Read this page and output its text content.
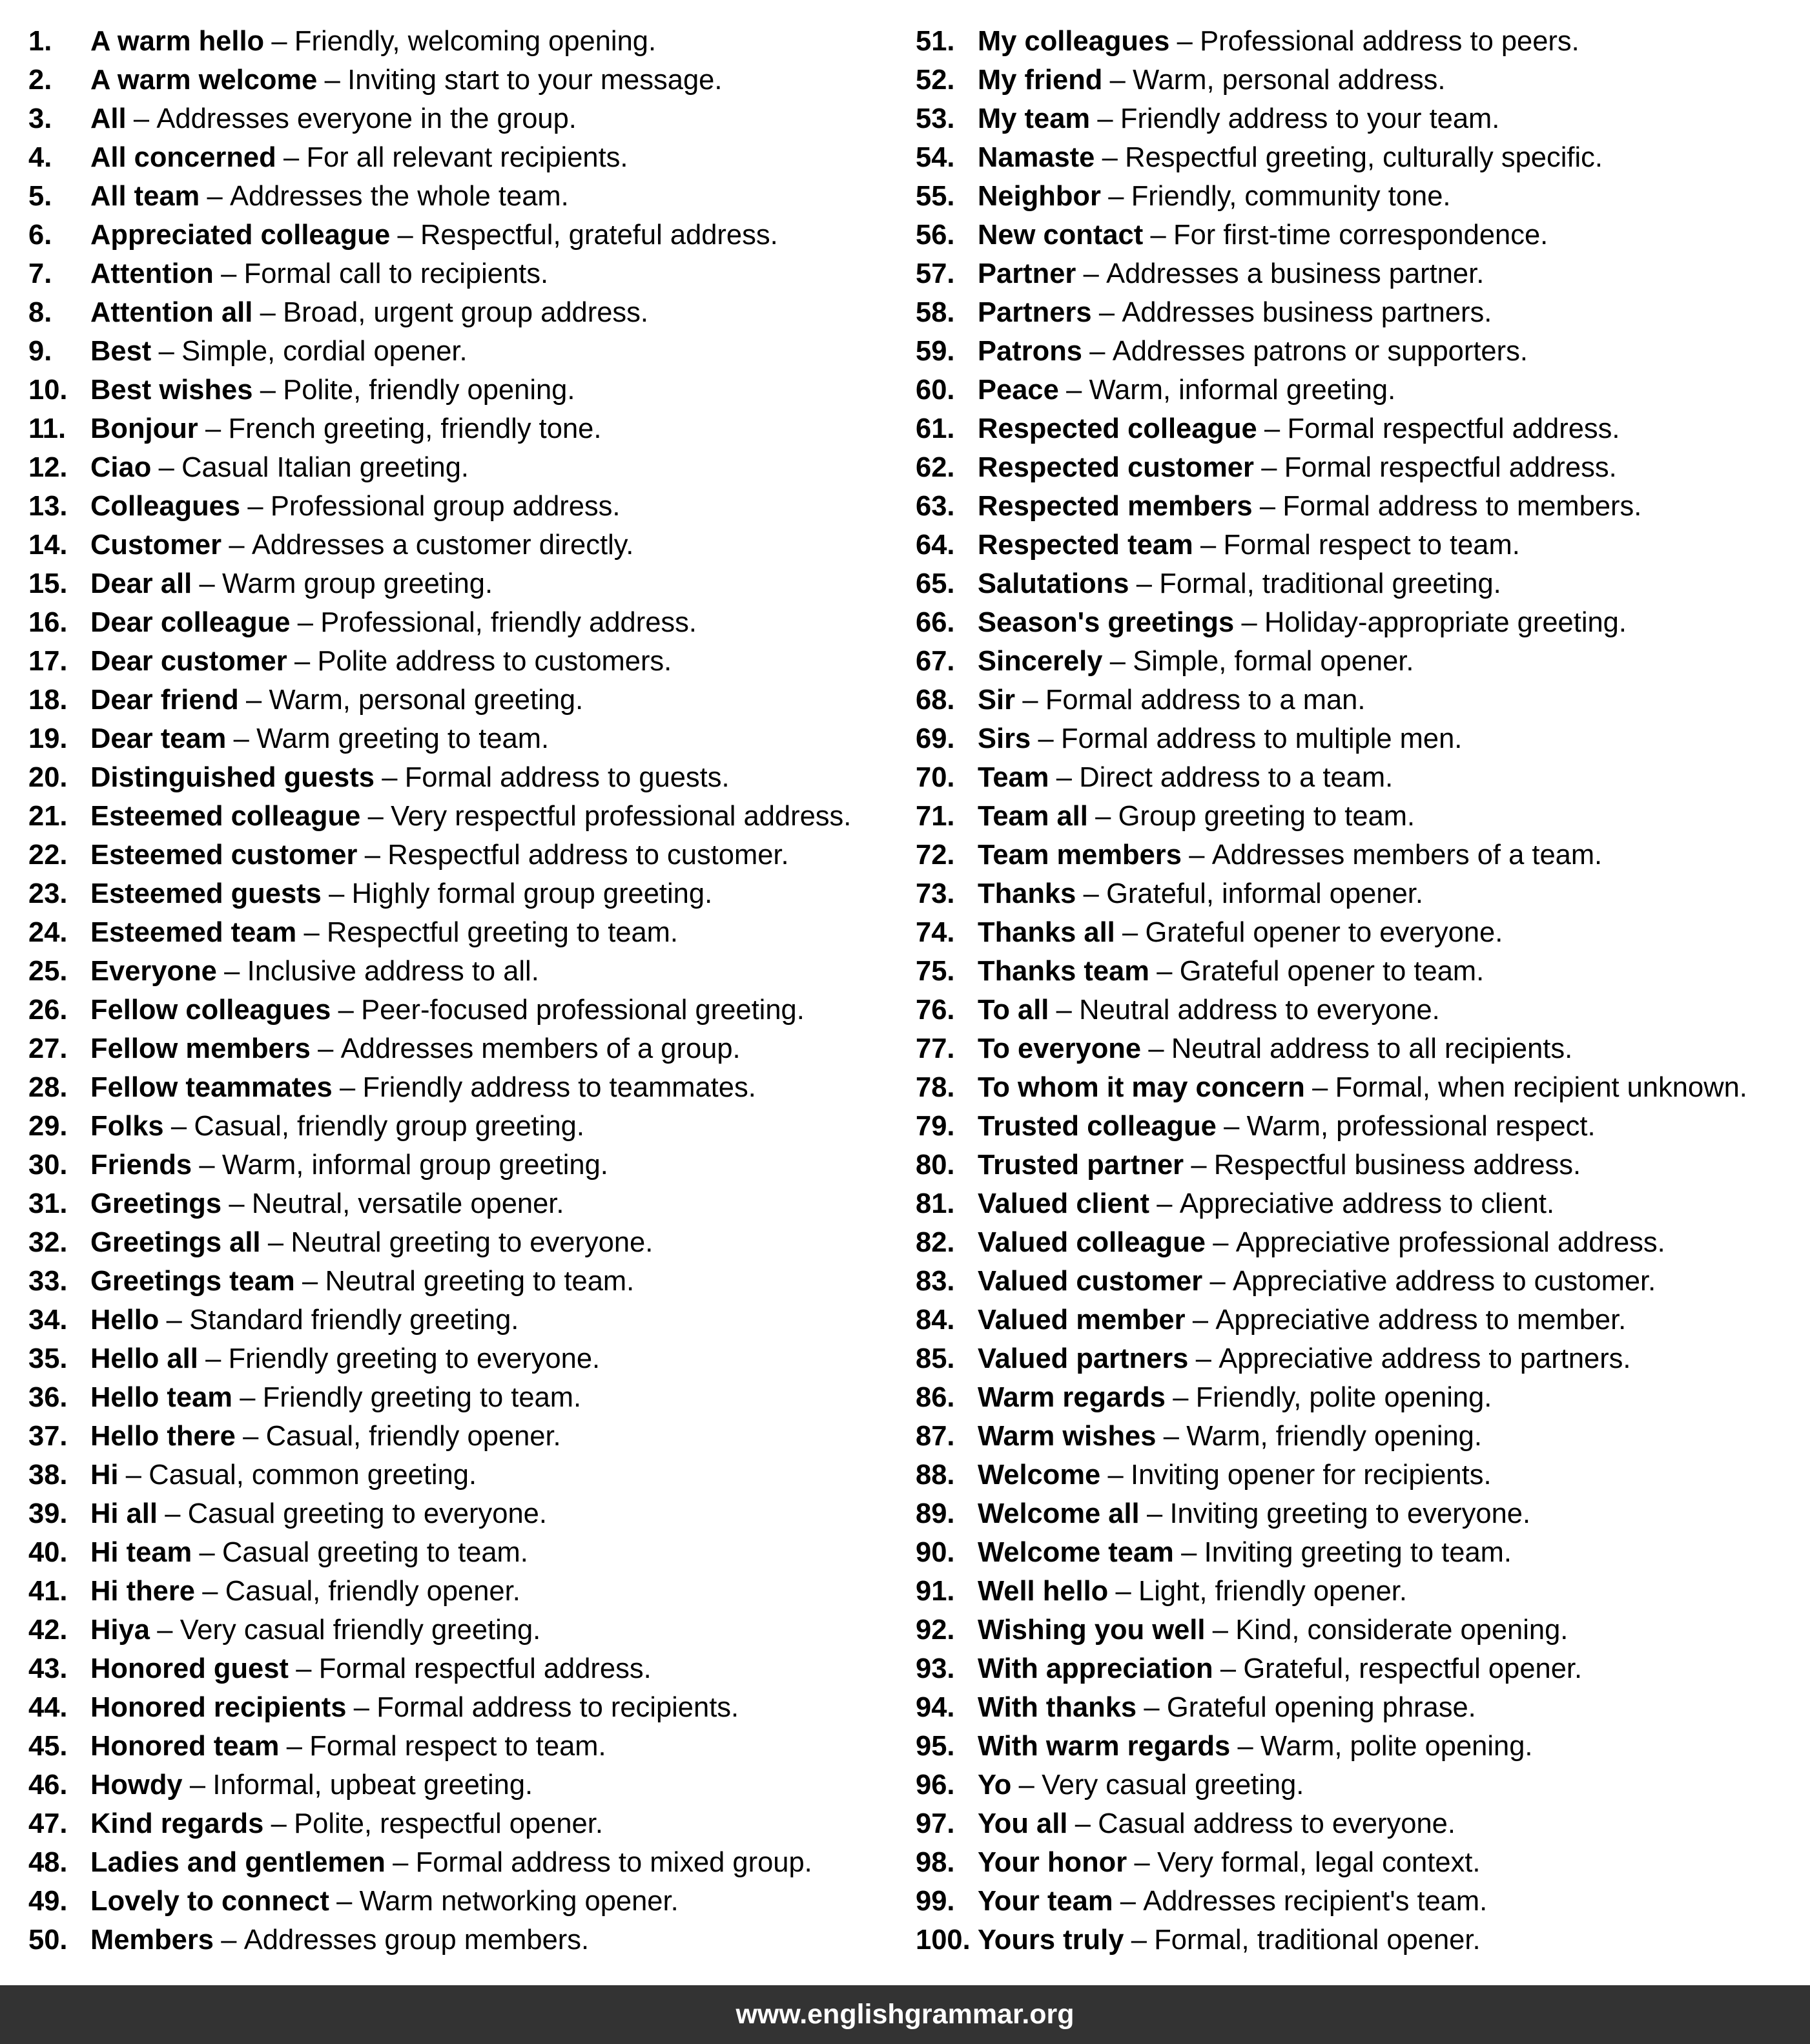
1.	A warm hello – Friendly, welcoming opening.
2.	A warm welcome – Inviting start to your message.
3.	All – Addresses everyone in the group.
4.	All concerned – For all relevant recipients.
5.	All team – Addresses the whole team.
6.	Appreciated colleague – Respectful, grateful address.
7.	Attention – Formal call to recipients.
8.	Attention all – Broad, urgent group address.
9.	Best – Simple, cordial opener.
10. Best wishes – Polite, friendly opening.
11. Bonjour – French greeting, friendly tone.
12. Ciao – Casual Italian greeting.
13. Colleagues – Professional group address.
14. Customer – Addresses a customer directly.
15. Dear all – Warm group greeting.
16. Dear colleague – Professional, friendly address.
17. Dear customer – Polite address to customers.
18. Dear friend – Warm, personal greeting.
19. Dear team – Warm greeting to team.
20. Distinguished guests – Formal address to guests.
21. Esteemed colleague – Very respectful professional address.
22. Esteemed customer – Respectful address to customer.
23. Esteemed guests – Highly formal group greeting.
24. Esteemed team – Respectful greeting to team.
25. Everyone – Inclusive address to all.
26. Fellow colleagues – Peer-focused professional greeting.
27. Fellow members – Addresses members of a group.
28. Fellow teammates – Friendly address to teammates.
29. Folks – Casual, friendly group greeting.
30. Friends – Warm, informal group greeting.
31. Greetings – Neutral, versatile opener.
32. Greetings all – Neutral greeting to everyone.
33. Greetings team – Neutral greeting to team.
34. Hello – Standard friendly greeting.
35. Hello all – Friendly greeting to everyone.
36. Hello team – Friendly greeting to team.
37. Hello there – Casual, friendly opener.
38. Hi – Casual, common greeting.
39. Hi all – Casual greeting to everyone.
40. Hi team – Casual greeting to team.
41. Hi there – Casual, friendly opener.
42. Hiya – Very casual friendly greeting.
43. Honored guest – Formal respectful address.
44. Honored recipients – Formal address to recipients.
45. Honored team – Formal respect to team.
46. Howdy – Informal, upbeat greeting.
47. Kind regards – Polite, respectful opener.
48. Ladies and gentlemen – Formal address to mixed group.
49. Lovely to connect – Warm networking opener.
50. Members – Addresses group members.
51. My colleagues – Professional address to peers.
52. My friend – Warm, personal address.
53. My team – Friendly address to your team.
54. Namaste – Respectful greeting, culturally specific.
55. Neighbor – Friendly, community tone.
56. New contact – For first-time correspondence.
57. Partner – Addresses a business partner.
58. Partners – Addresses business partners.
59. Patrons – Addresses patrons or supporters.
60. Peace – Warm, informal greeting.
61. Respected colleague – Formal respectful address.
62. Respected customer – Formal respectful address.
63. Respected members – Formal address to members.
64. Respected team – Formal respect to team.
65. Salutations – Formal, traditional greeting.
66. Season's greetings – Holiday-appropriate greeting.
67. Sincerely – Simple, formal opener.
68. Sir – Formal address to a man.
69. Sirs – Formal address to multiple men.
70. Team – Direct address to a team.
71. Team all – Group greeting to team.
72. Team members – Addresses members of a team.
73. Thanks – Grateful, informal opener.
74. Thanks all – Grateful opener to everyone.
75. Thanks team – Grateful opener to team.
76. To all – Neutral address to everyone.
77. To everyone – Neutral address to all recipients.
78. To whom it may concern – Formal, when recipient unknown.
79. Trusted colleague – Warm, professional respect.
80. Trusted partner – Respectful business address.
81. Valued client – Appreciative address to client.
82. Valued colleague – Appreciative professional address.
83. Valued customer – Appreciative address to customer.
84. Valued member – Appreciative address to member.
85. Valued partners – Appreciative address to partners.
86. Warm regards – Friendly, polite opening.
87. Warm wishes – Warm, friendly opening.
88. Welcome – Inviting opener for recipients.
89. Welcome all – Inviting greeting to everyone.
90. Welcome team – Inviting greeting to team.
91. Well hello – Light, friendly opener.
92. Wishing you well – Kind, considerate opening.
93. With appreciation – Grateful, respectful opener.
94. With thanks – Grateful opening phrase.
95. With warm regards – Warm, polite opening.
96. Yo – Very casual greeting.
97. You all – Casual address to everyone.
98. Your honor – Very formal, legal context.
99. Your team – Addresses recipient's team.
100. Yours truly – Formal, traditional opener.
www.englishgrammar.org
